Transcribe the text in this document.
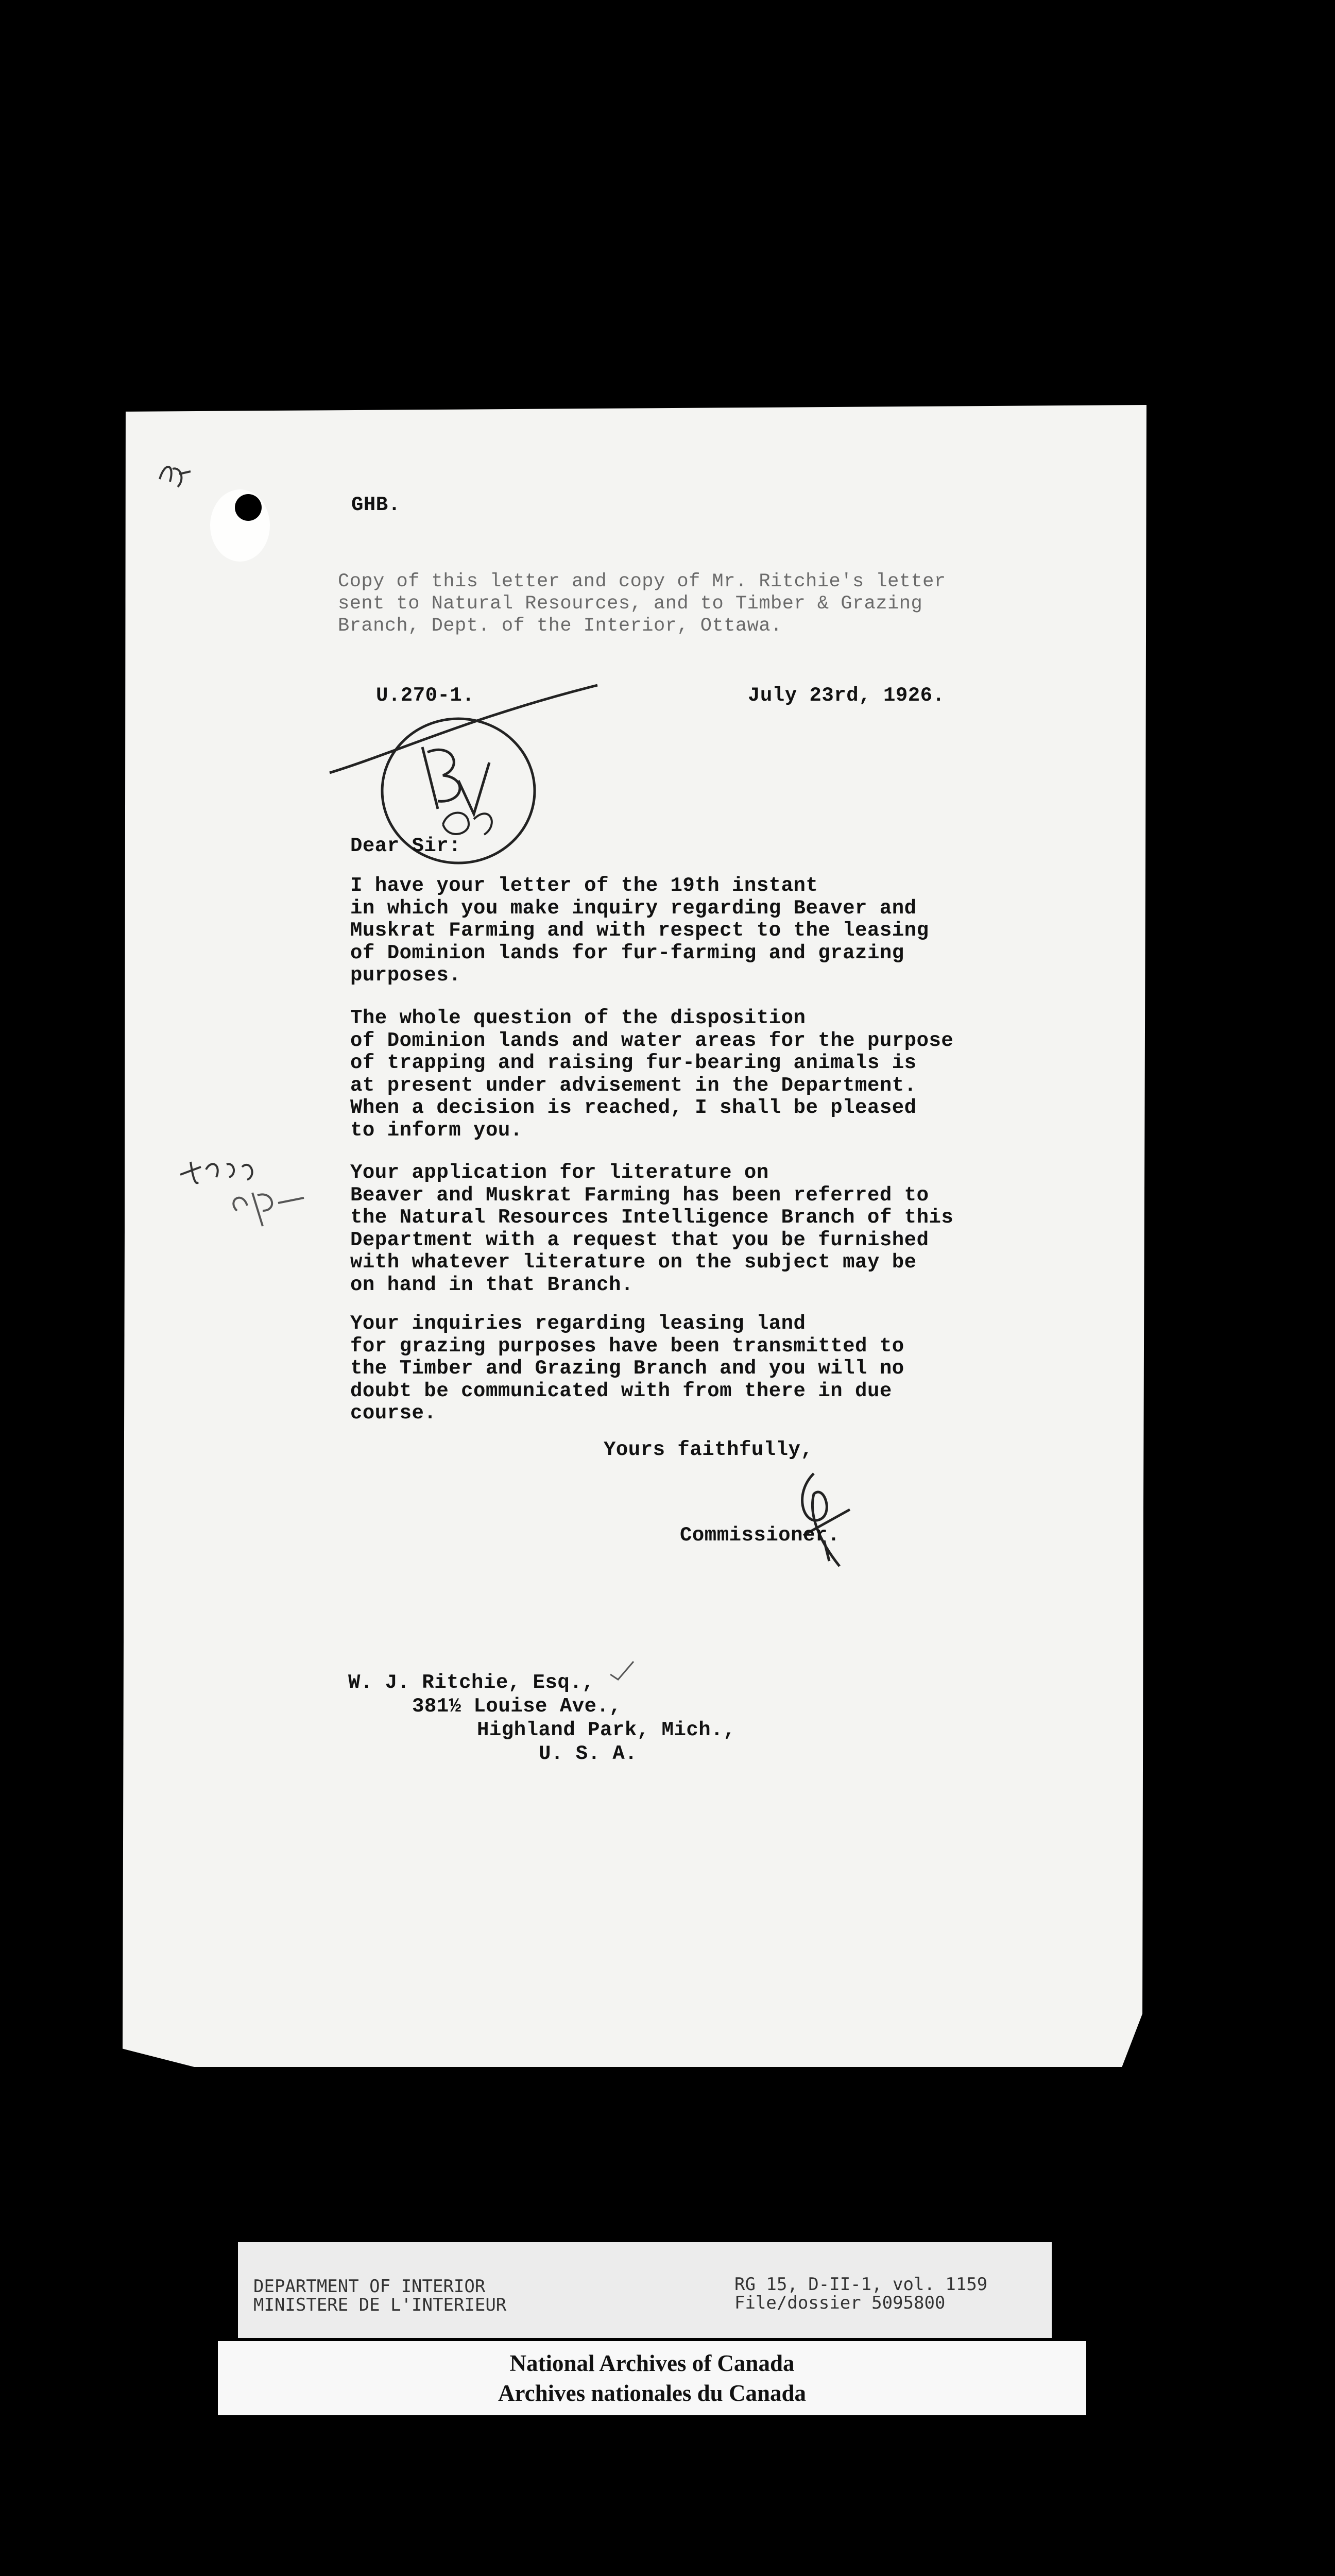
GHB.
Copy of this letter and copy of Mr. Ritchie's letter
sent to Natural Resources, and to Timber & Grazing
Branch, Dept. of the Interior, Ottawa.
U.270-1.	July 23rd, 1926.
Dear Sir:
I have your letter of the 19th instant
in which you make inquiry regarding Beaver and
Muskrat Farming and with respect to the leasing
of Dominion lands for fur-farming and grazing
purposes.
The whole question of the disposition
of Dominion lands and water areas for the purpose
of trapping and raising fur-bearing animals is
at present under advisement in the Department.
When a decision is reached, I shall be pleased
to inform you.
Your application for literature on
Beaver and Muskrat Farming has been referred to
the Natural Resources Intelligence Branch of this
Department with a request that you be furnished
with whatever literature on the subject may be
on hand in that Branch.
Your inquiries regarding leasing land
for grazing purposes have been transmitted to
the Timber and Grazing Branch and you will no
doubt be communicated with from there in due
course.
Yours faithfully,
Commissioner.
W. J. Ritchie, Esq.,
381½ Louise Ave.,
Highland Park, Mich.,
U. S. A.
DEPARTMENT OF INTERIOR
MINISTERE DE L'INTERIEUR
RG 15, D-II-1, vol. 1159
File/dossier 5095800
National Archives of Canada
Archives nationales du Canada
